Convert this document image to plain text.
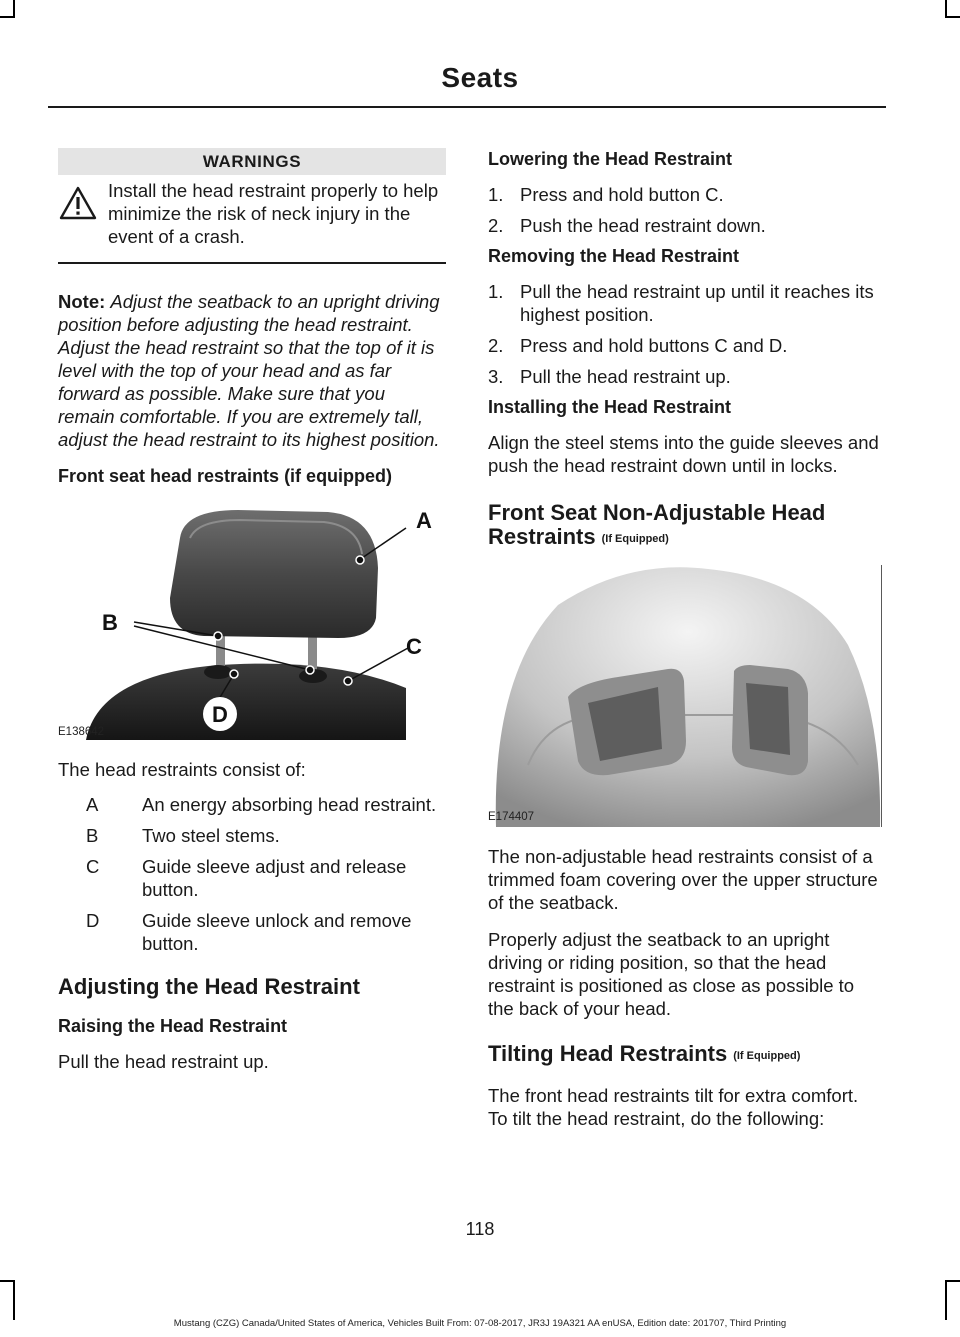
Seats
WARNINGS
Install the head restraint properly to help minimize the risk of neck injury in the event of a crash.

Note: Adjust the seatback to an upright driving position before adjusting the head restraint. Adjust the head restraint so that the top of it is level with the top of your head and as far forward as possible. Make sure that you remain comfortable. If you are extremely tall, adjust the head restraint to its highest position.

Front seat head restraints (if equipped)
A
B
C
D
E138642

The head restraints consist of:

A	An energy absorbing head restraint.
B	Two steel stems.
C	Guide sleeve adjust and release button.
D	Guide sleeve unlock and remove button.
Adjusting the Head Restraint
Raising the Head Restraint

Pull the head restraint up.

Lowering the Head Restraint
1. Press and hold button C.
2. Push the head restraint down.
Removing the Head Restraint
1. Pull the head restraint up until it reaches its highest position.
2. Press and hold buttons C and D.
3. Pull the head restraint up.
Installing the Head Restraint

Align the steel stems into the guide sleeves and push the head restraint down until in locks.

Front Seat Non-Adjustable Head Restraints (If Equipped)
E174407

The non-adjustable head restraints consist of a trimmed foam covering over the upper structure of the seatback.

Properly adjust the seatback to an upright driving or riding position, so that the head restraint is positioned as close as possible to the back of your head.

Tilting Head Restraints (If Equipped)

The front head restraints tilt for extra comfort. To tilt the head restraint, do the following:

118
Mustang (CZG) Canada/United States of America, Vehicles Built From: 07-08-2017, JR3J 19A321 AA enUSA, Edition date: 201707, Third Printing
